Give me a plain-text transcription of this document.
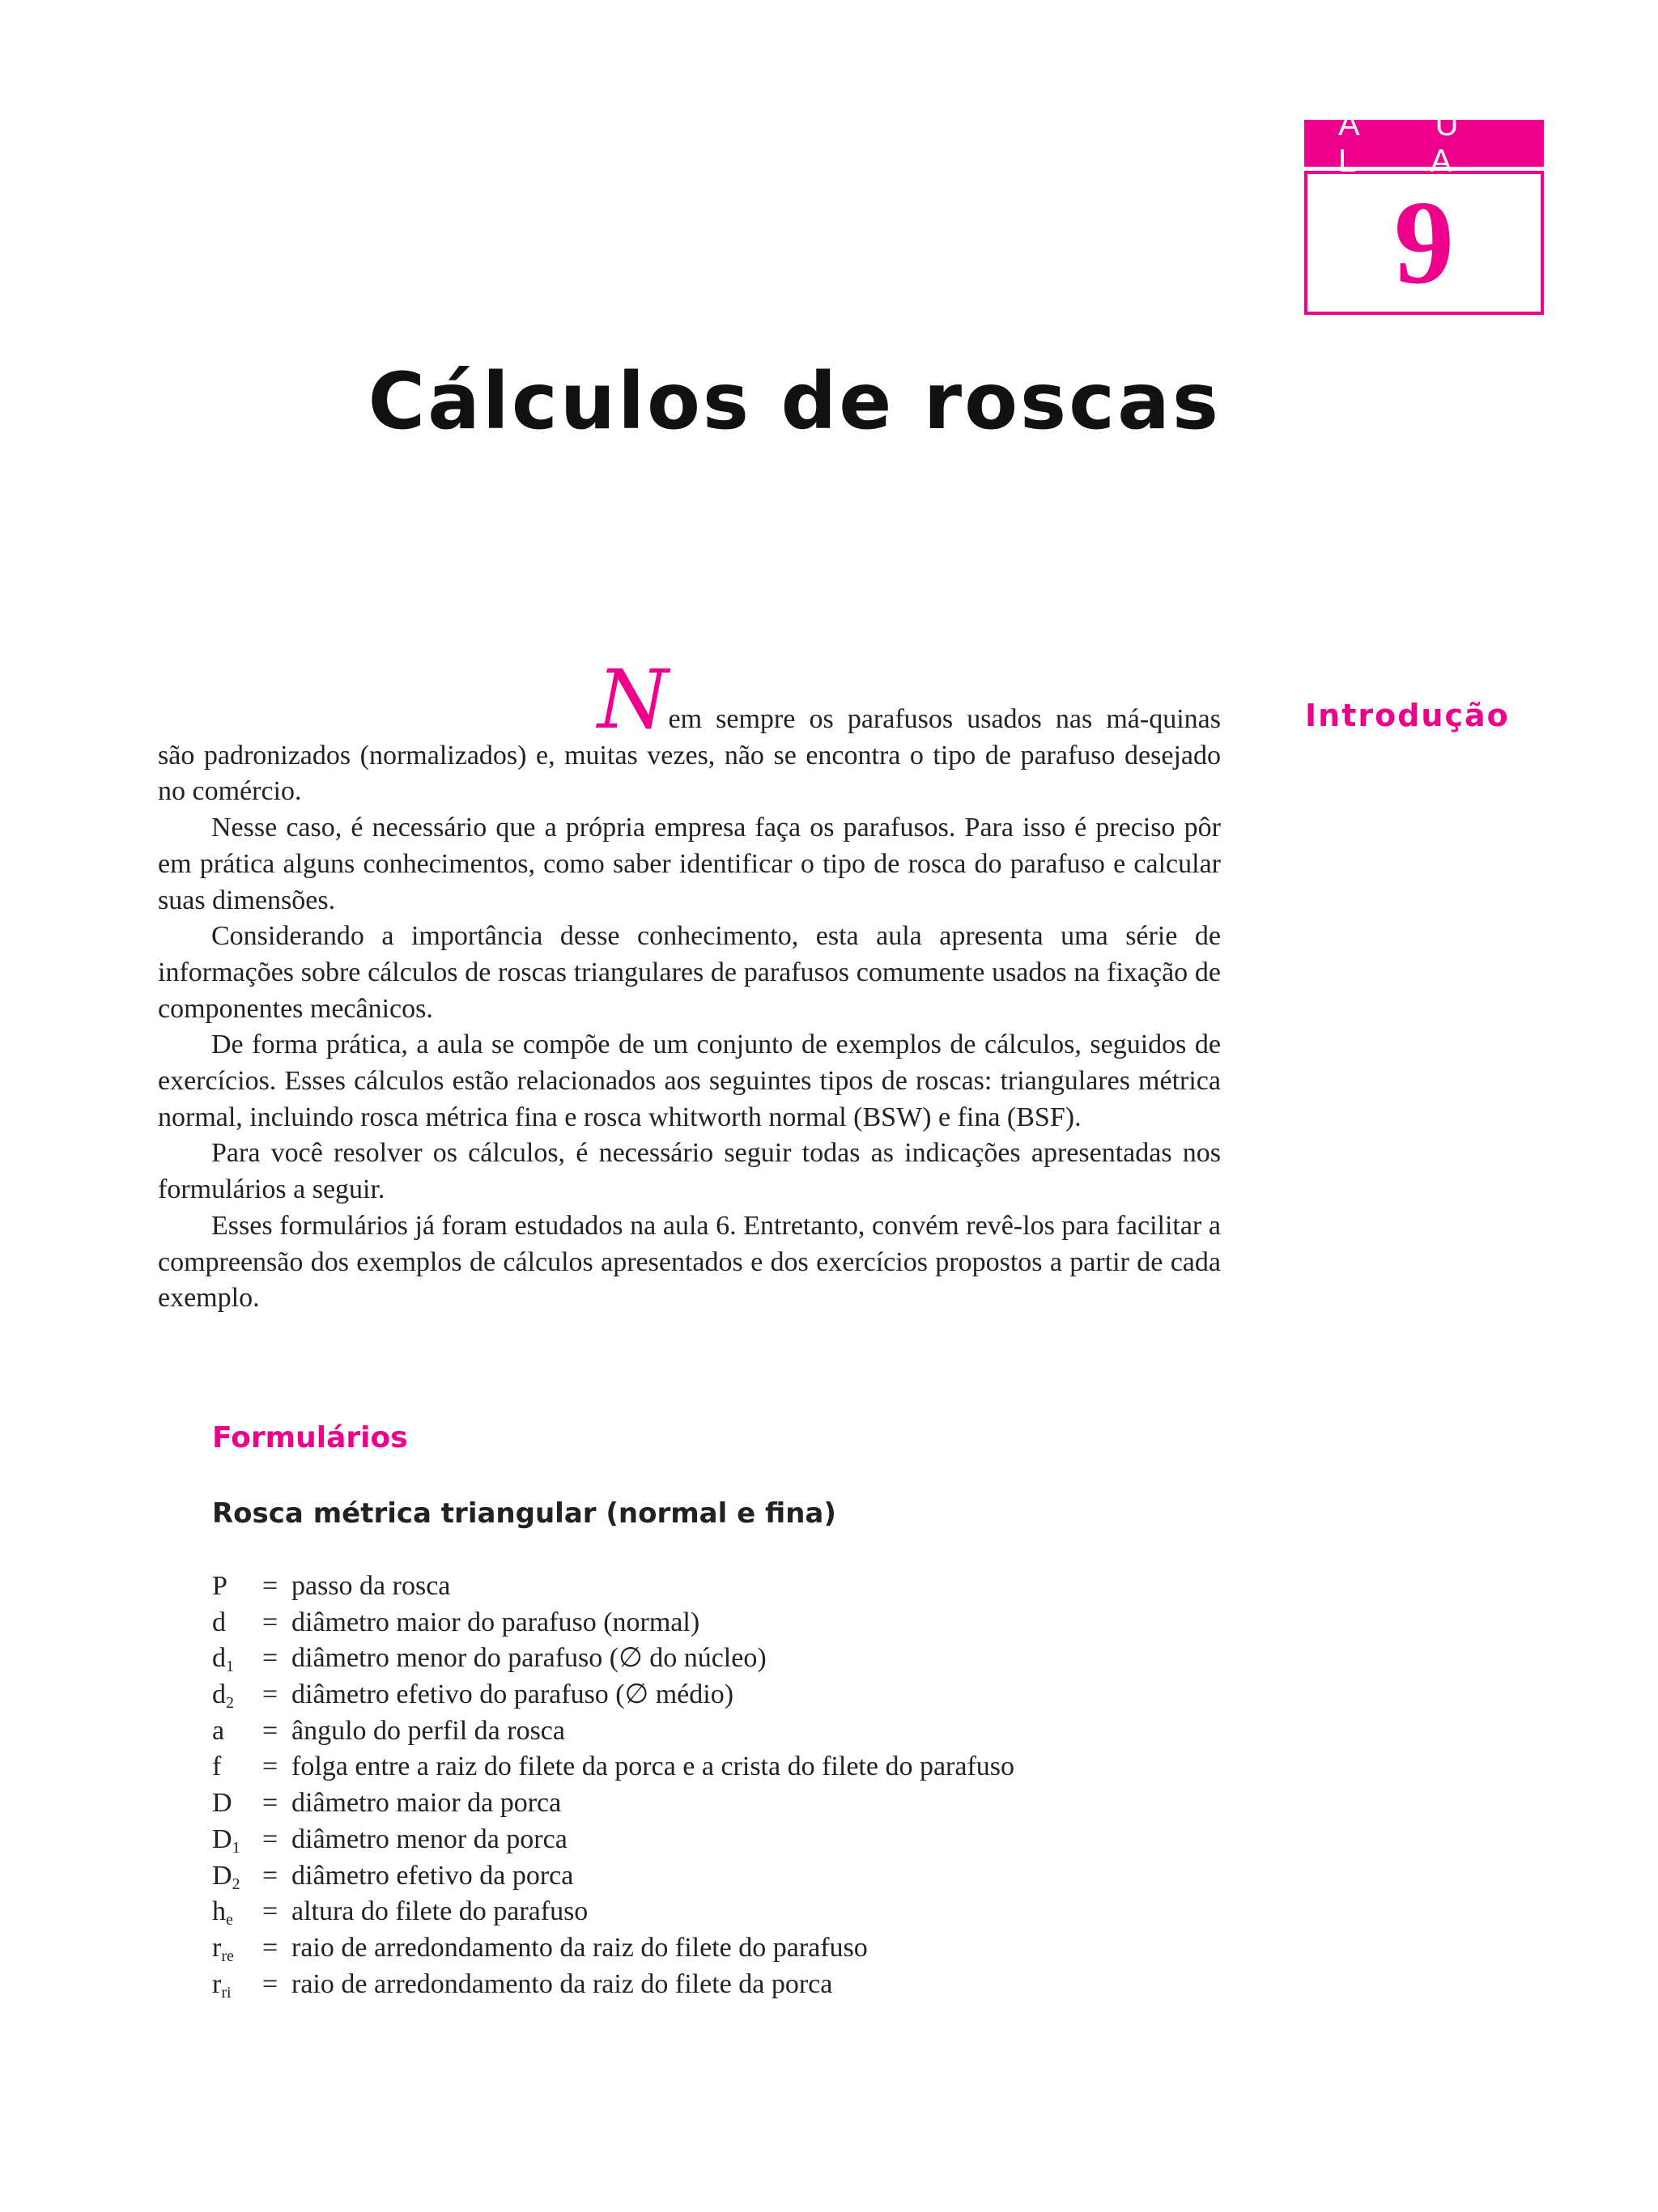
A U L A
9
Cálculos de roscas
Introdução

Nem sempre os parafusos usados nas má-quinas são padronizados (normalizados) e, muitas vezes, não se encontra o tipo de parafuso desejado no comércio.

Nesse caso, é necessário que a própria empresa faça os parafusos. Para isso é preciso pôr em prática alguns conhecimentos, como saber identificar o tipo de rosca do parafuso e calcular suas dimensões.

Considerando a importância desse conhecimento, esta aula apresenta uma série de informações sobre cálculos de roscas triangulares de parafusos comumente usados na fixação de componentes mecânicos.

De forma prática, a aula se compõe de um conjunto de exemplos de cálculos, seguidos de exercícios. Esses cálculos estão relacionados aos seguintes tipos de roscas: triangulares métrica normal, incluindo rosca métrica fina e rosca whitworth normal (BSW) e fina (BSF).

Para você resolver os cálculos, é necessário seguir todas as indicações apresentadas nos formulários a seguir.

Esses formulários já foram estudados na aula 6. Entretanto, convém revê-los para facilitar a compreensão dos exemplos de cálculos apresentados e dos exercícios propostos a partir de cada exemplo.

Formulários
Rosca métrica triangular (normal e fina)
P	= passo da rosca
d	= diâmetro maior do parafuso (normal)
$d_1$	= diâmetro menor do parafuso (∅ do núcleo)
$d_2$	= diâmetro efetivo do parafuso (∅ médio)
a	= ângulo do perfil da rosca
f	= folga entre a raiz do filete da porca e a crista do filete do parafuso
D	= diâmetro maior da porca
$D_1$ = diâmetro menor da porca
$D_2$ = diâmetro efetivo da porca
$h_e$	= altura do filete do parafuso
$r_{re}$	= raio de arredondamento da raiz do filete do parafuso
$r_{ri}$	= raio de arredondamento da raiz do filete da porca
